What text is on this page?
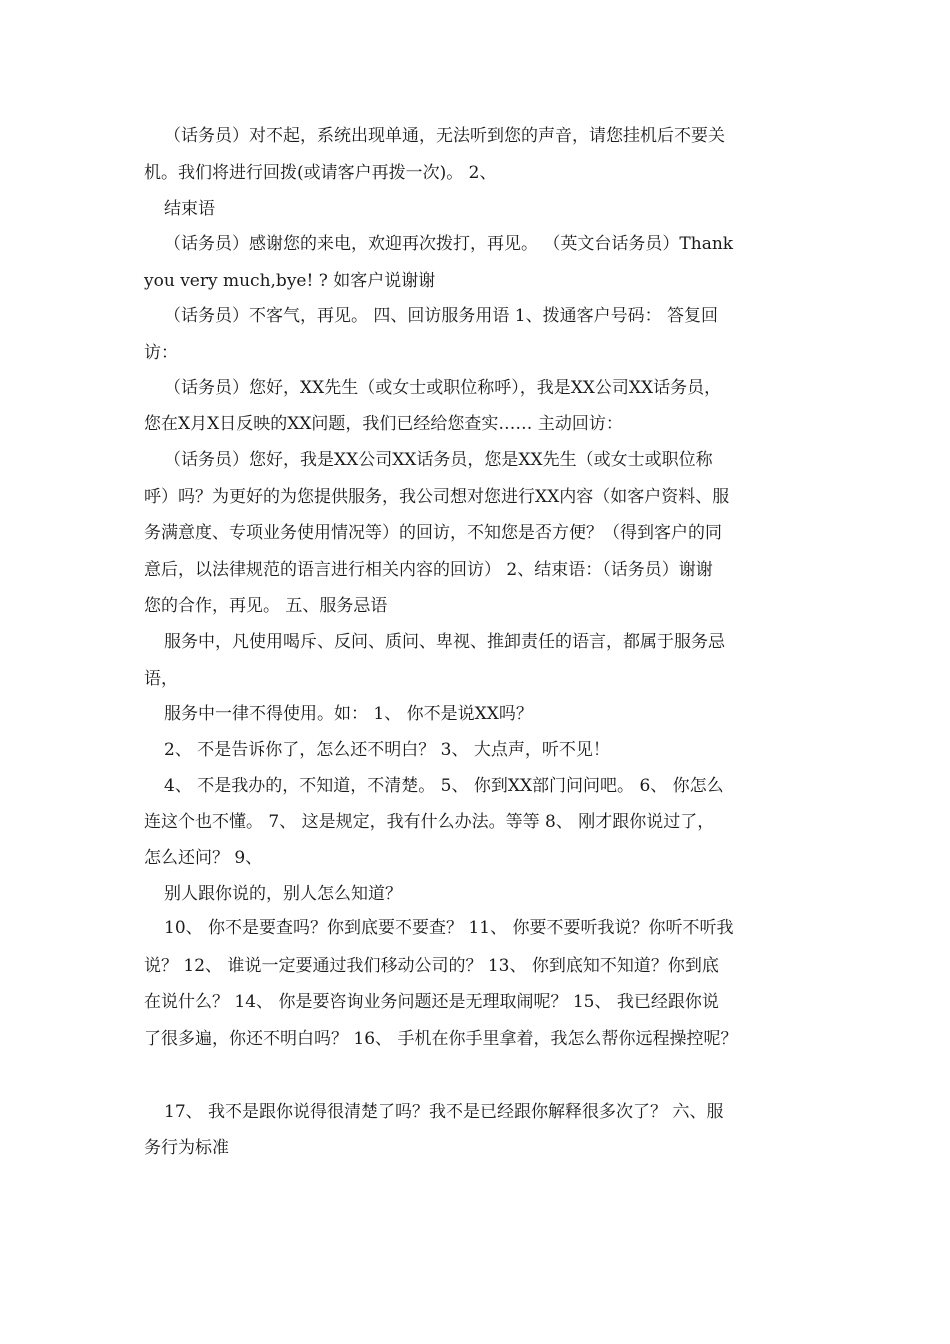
（话务员）对不起，系统出现单通，无法听到您的声音，请您挂机后不要关
机。我们将进行回拨(或请客户再拨一次)。 2、
结束语
（话务员）感谢您的来电，欢迎再次拨打，再见。 （英文台话务员）Thank
you very much,bye! ? 如客户说谢谢
（话务员）不客气，再见。 四、回访服务用语 1、拨通客户号码： 答复回
访：
（话务员）您好，XX先生（或女士或职位称呼），我是XX公司XX话务员，
您在X月X日反映的XX问题，我们已经给您查实…… 主动回访：
（话务员）您好，我是XX公司XX话务员，您是XX先生（或女士或职位称
呼）吗？为更好的为您提供服务，我公司想对您进行XX内容（如客户资料、服
务满意度、专项业务使用情况等）的回访，不知您是否方便？（得到客户的同
意后，以法律规范的语言进行相关内容的回访） 2、结束语：（话务员）谢谢
您的合作，再见。 五、服务忌语
服务中，凡使用喝斥、反问、质问、卑视、推卸责任的语言，都属于服务忌
语，
服务中一律不得使用。如： 1、 你不是说XX吗？
2、 不是告诉你了，怎么还不明白？ 3、 大点声，听不见！
4、 不是我办的，不知道，不清楚。 5、 你到XX部门问问吧。 6、 你怎么
连这个也不懂。 7、 这是规定，我有什么办法。等等 8、 刚才跟你说过了，
怎么还问？ 9、
别人跟你说的，别人怎么知道？
10、 你不是要查吗？你到底要不要查？ 11、 你要不要听我说？你听不听我
说？ 12、 谁说一定要通过我们移动公司的？ 13、 你到底知不知道？你到底
在说什么？ 14、 你是要咨询业务问题还是无理取闹呢？ 15、 我已经跟你说
了很多遍，你还不明白吗？ 16、 手机在你手里拿着，我怎么帮你远程操控呢？
17、 我不是跟你说得很清楚了吗？我不是已经跟你解释很多次了？ 六、服
务行为标准
